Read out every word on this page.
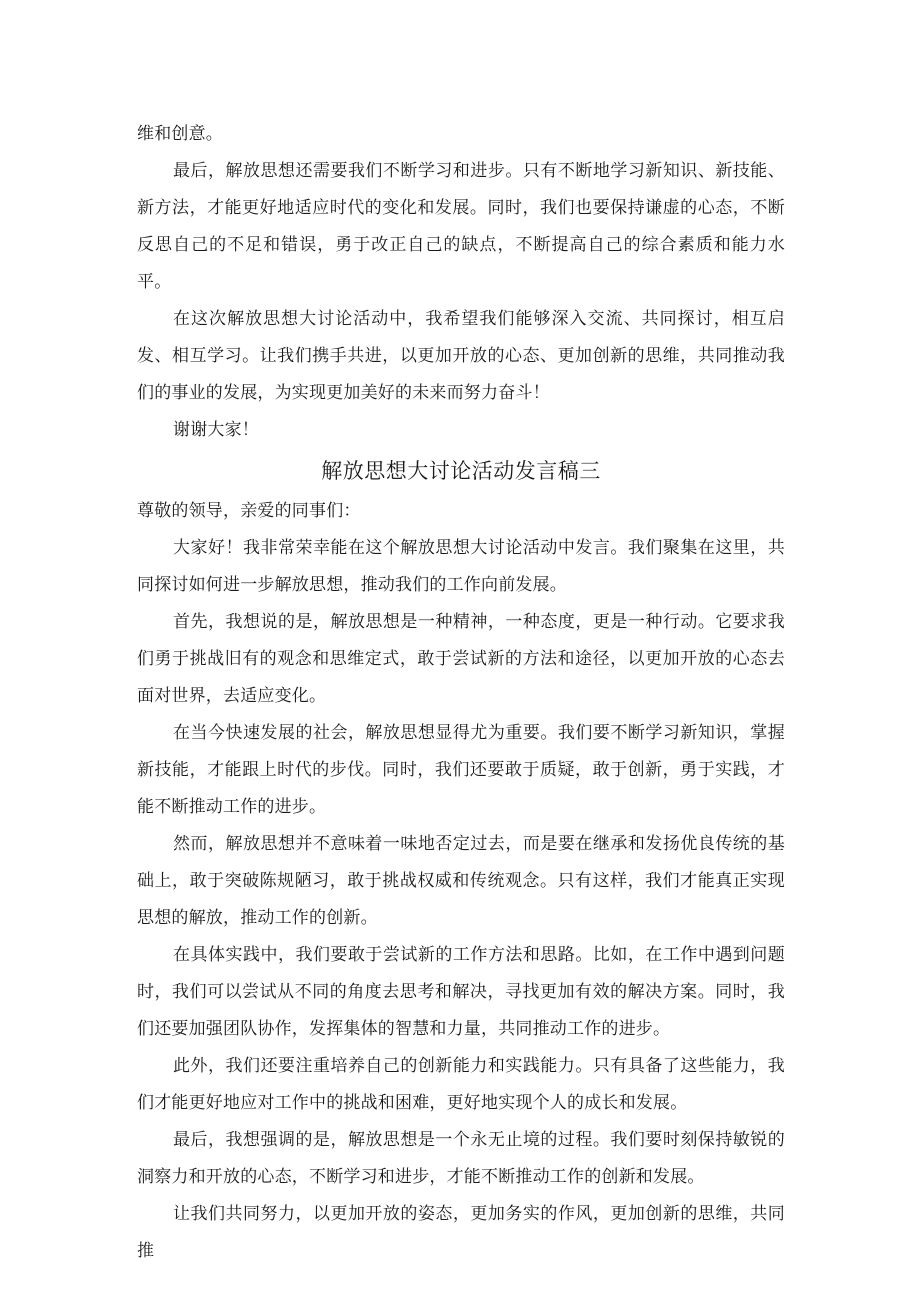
维和创意。

最后，解放思想还需要我们不断学习和进步。只有不断地学习新知识、新技能、新方法，才能更好地适应时代的变化和发展。同时，我们也要保持谦虚的心态，不断反思自己的不足和错误，勇于改正自己的缺点，不断提高自己的综合素质和能力水平。

在这次解放思想大讨论活动中，我希望我们能够深入交流、共同探讨，相互启发、相互学习。让我们携手共进，以更加开放的心态、更加创新的思维，共同推动我们的事业的发展，为实现更加美好的未来而努力奋斗！

谢谢大家！

解放思想大讨论活动发言稿三

尊敬的领导，亲爱的同事们：

大家好！我非常荣幸能在这个解放思想大讨论活动中发言。我们聚集在这里，共同探讨如何进一步解放思想，推动我们的工作向前发展。

首先，我想说的是，解放思想是一种精神，一种态度，更是一种行动。它要求我们勇于挑战旧有的观念和思维定式，敢于尝试新的方法和途径，以更加开放的心态去面对世界，去适应变化。

在当今快速发展的社会，解放思想显得尤为重要。我们要不断学习新知识，掌握新技能，才能跟上时代的步伐。同时，我们还要敢于质疑，敢于创新，勇于实践，才能不断推动工作的进步。

然而，解放思想并不意味着一味地否定过去，而是要在继承和发扬优良传统的基础上，敢于突破陈规陋习，敢于挑战权威和传统观念。只有这样，我们才能真正实现思想的解放，推动工作的创新。

在具体实践中，我们要敢于尝试新的工作方法和思路。比如，在工作中遇到问题时，我们可以尝试从不同的角度去思考和解决，寻找更加有效的解决方案。同时，我们还要加强团队协作，发挥集体的智慧和力量，共同推动工作的进步。

此外，我们还要注重培养自己的创新能力和实践能力。只有具备了这些能力，我们才能更好地应对工作中的挑战和困难，更好地实现个人的成长和发展。

最后，我想强调的是，解放思想是一个永无止境的过程。我们要时刻保持敏锐的洞察力和开放的心态，不断学习和进步，才能不断推动工作的创新和发展。

让我们共同努力，以更加开放的姿态，更加务实的作风，更加创新的思维，共同推
